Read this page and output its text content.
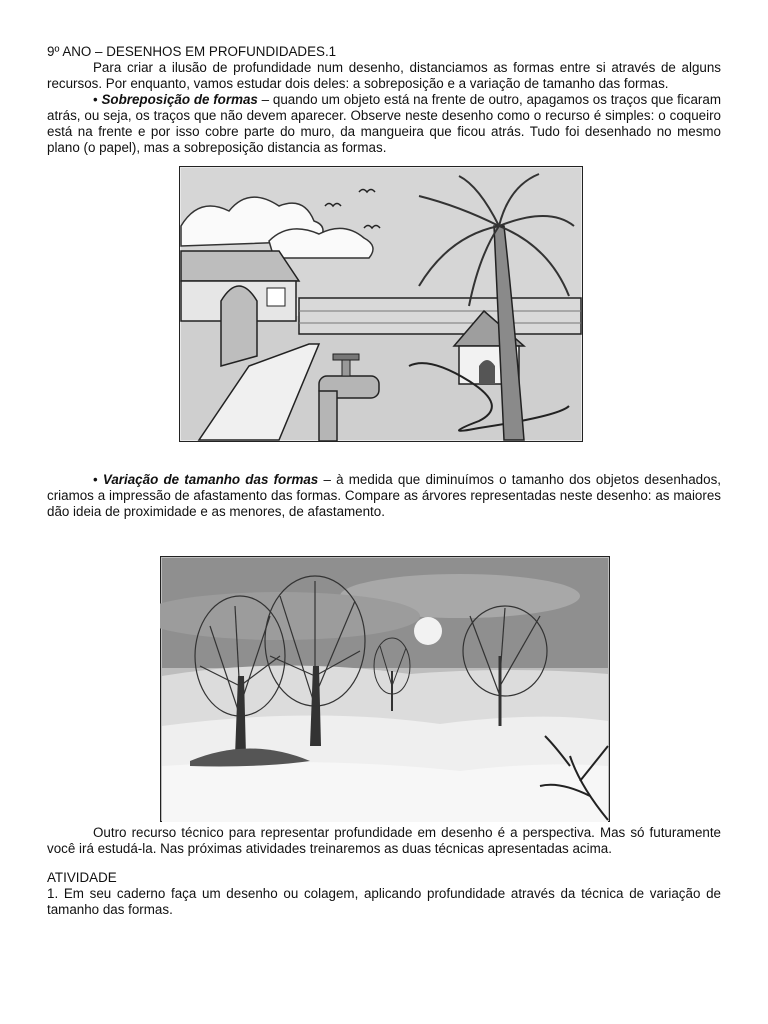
9º ANO – DESENHOS EM PROFUNDIDADES.1

Para criar a ilusão de profundidade num desenho, distanciamos as formas entre si através de alguns recursos. Por enquanto, vamos estudar dois deles: a sobreposição e a variação de tamanho das formas.

• Sobreposição de formas – quando um objeto está na frente de outro, apagamos os traços que ficaram atrás, ou seja, os traços que não devem aparecer. Observe neste desenho como o recurso é simples: o coqueiro está na frente e por isso cobre parte do muro, da mangueira que ficou atrás. Tudo foi desenhado no mesmo plano (o papel), mas a sobreposição distancia as formas.

• Variação de tamanho das formas – à medida que diminuímos o tamanho dos objetos desenhados, criamos a impressão de afastamento das formas. Compare as árvores representadas neste desenho: as maiores dão ideia de proximidade e as menores, de afastamento.

Outro recurso técnico para representar profundidade em desenho é a perspectiva. Mas só futuramente você irá estudá-la. Nas próximas atividades treinaremos as duas técnicas apresentadas acima.

ATIVIDADE

1. Em seu caderno faça um desenho ou colagem, aplicando profundidade através da técnica de variação de tamanho das formas.
